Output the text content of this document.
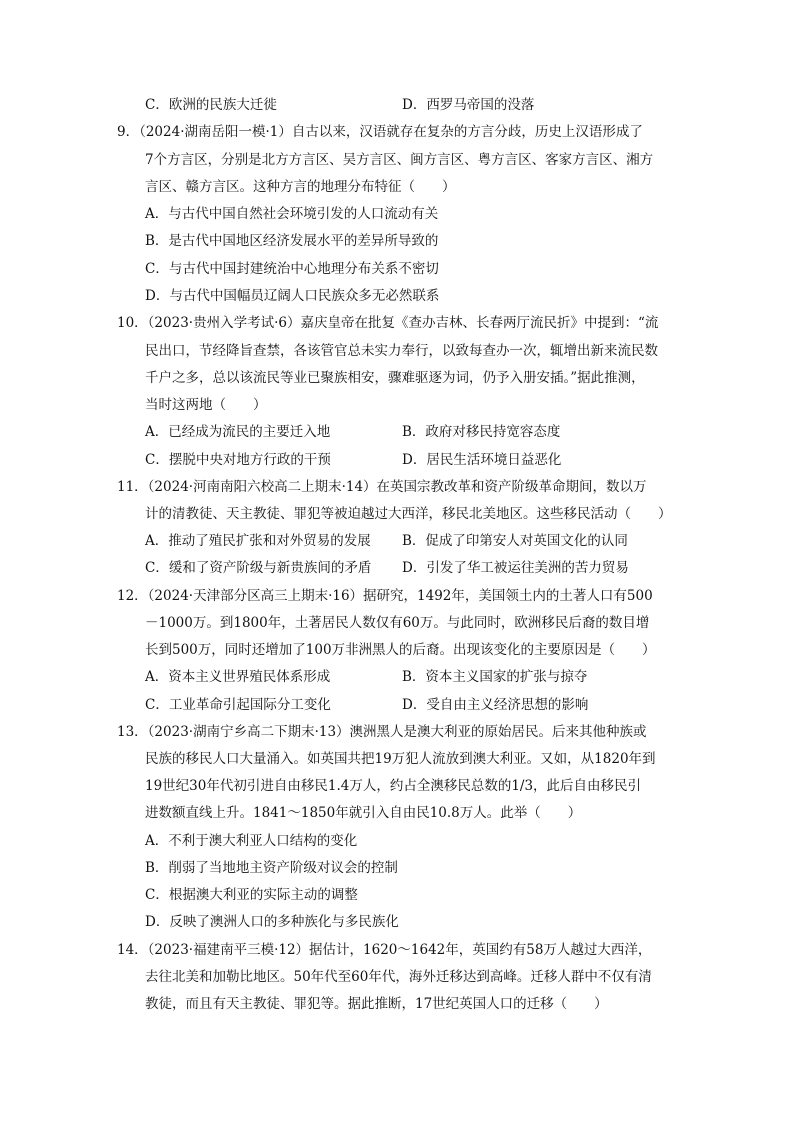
C．欧洲的民族大迁徙	D．西罗马帝国的没落
9．（2024·湖南岳阳一模·1）自古以来，汉语就存在复杂的方言分歧，历史上汉语形成了
7个方言区，分别是北方方言区、吴方言区、闽方言区、粤方言区、客家方言区、湘方
言区、赣方言区。这种方言的地理分布特征（　　）
A．与古代中国自然社会环境引发的人口流动有关
B．是古代中国地区经济发展水平的差异所导致的
C．与古代中国封建统治中心地理分布关系不密切
D．与古代中国幅员辽阔人口民族众多无必然联系
10．（2023·贵州入学考试·6）嘉庆皇帝在批复《查办吉林、长春两厅流民折》中提到：“流
民出口，节经降旨查禁，各该管官总未实力奉行，以致每查办一次，辄增出新来流民数
千户之多，总以该流民等业已聚族相安，骤难驱逐为词，仍予入册安插。”据此推测，
当时这两地（　　）
A．已经成为流民的主要迁入地	B．政府对移民持宽容态度
C．摆脱中央对地方行政的干预	D．居民生活环境日益恶化
11．（2024·河南南阳六校高二上期末·14）在英国宗教改革和资产阶级革命期间，数以万
计的清教徒、天主教徒、罪犯等被迫越过大西洋，移民北美地区。这些移民活动（　　）
A．推动了殖民扩张和对外贸易的发展 B．促成了印第安人对英国文化的认同
C．缓和了资产阶级与新贵族间的矛盾 D．引发了华工被运往美洲的苦力贸易
12．（2024·天津部分区高三上期末·16）据研究，1492年，美国领土内的土著人口有500
－1000万。到1800年，土著居民人数仅有60万。与此同时，欧洲移民后裔的数目增
长到500万，同时还增加了100万非洲黑人的后裔。出现该变化的主要原因是（　　）
A．资本主义世界殖民体系形成	B．资本主义国家的扩张与掠夺
C．工业革命引起国际分工变化	D．受自由主义经济思想的影响
13．（2023·湖南宁乡高二下期末·13）澳洲黑人是澳大利亚的原始居民。后来其他种族或
民族的移民人口大量涌入。如英国共把19万犯人流放到澳大利亚。又如，从1820年到
19世纪30年代初引进自由移民1.4万人，约占全澳移民总数的1/3，此后自由移民引
进数额直线上升。1841～1850年就引入自由民10.8万人。此举（　　）
A．不利于澳大利亚人口结构的变化
B．削弱了当地地主资产阶级对议会的控制
C．根据澳大利亚的实际主动的调整
D．反映了澳洲人口的多种族化与多民族化
14．（2023·福建南平三模·12）据估计，1620～1642年，英国约有58万人越过大西洋，
去往北美和加勒比地区。50年代至60年代，海外迁移达到高峰。迁移人群中不仅有清
教徒，而且有天主教徒、罪犯等。据此推断，17世纪英国人口的迁移（　　）
